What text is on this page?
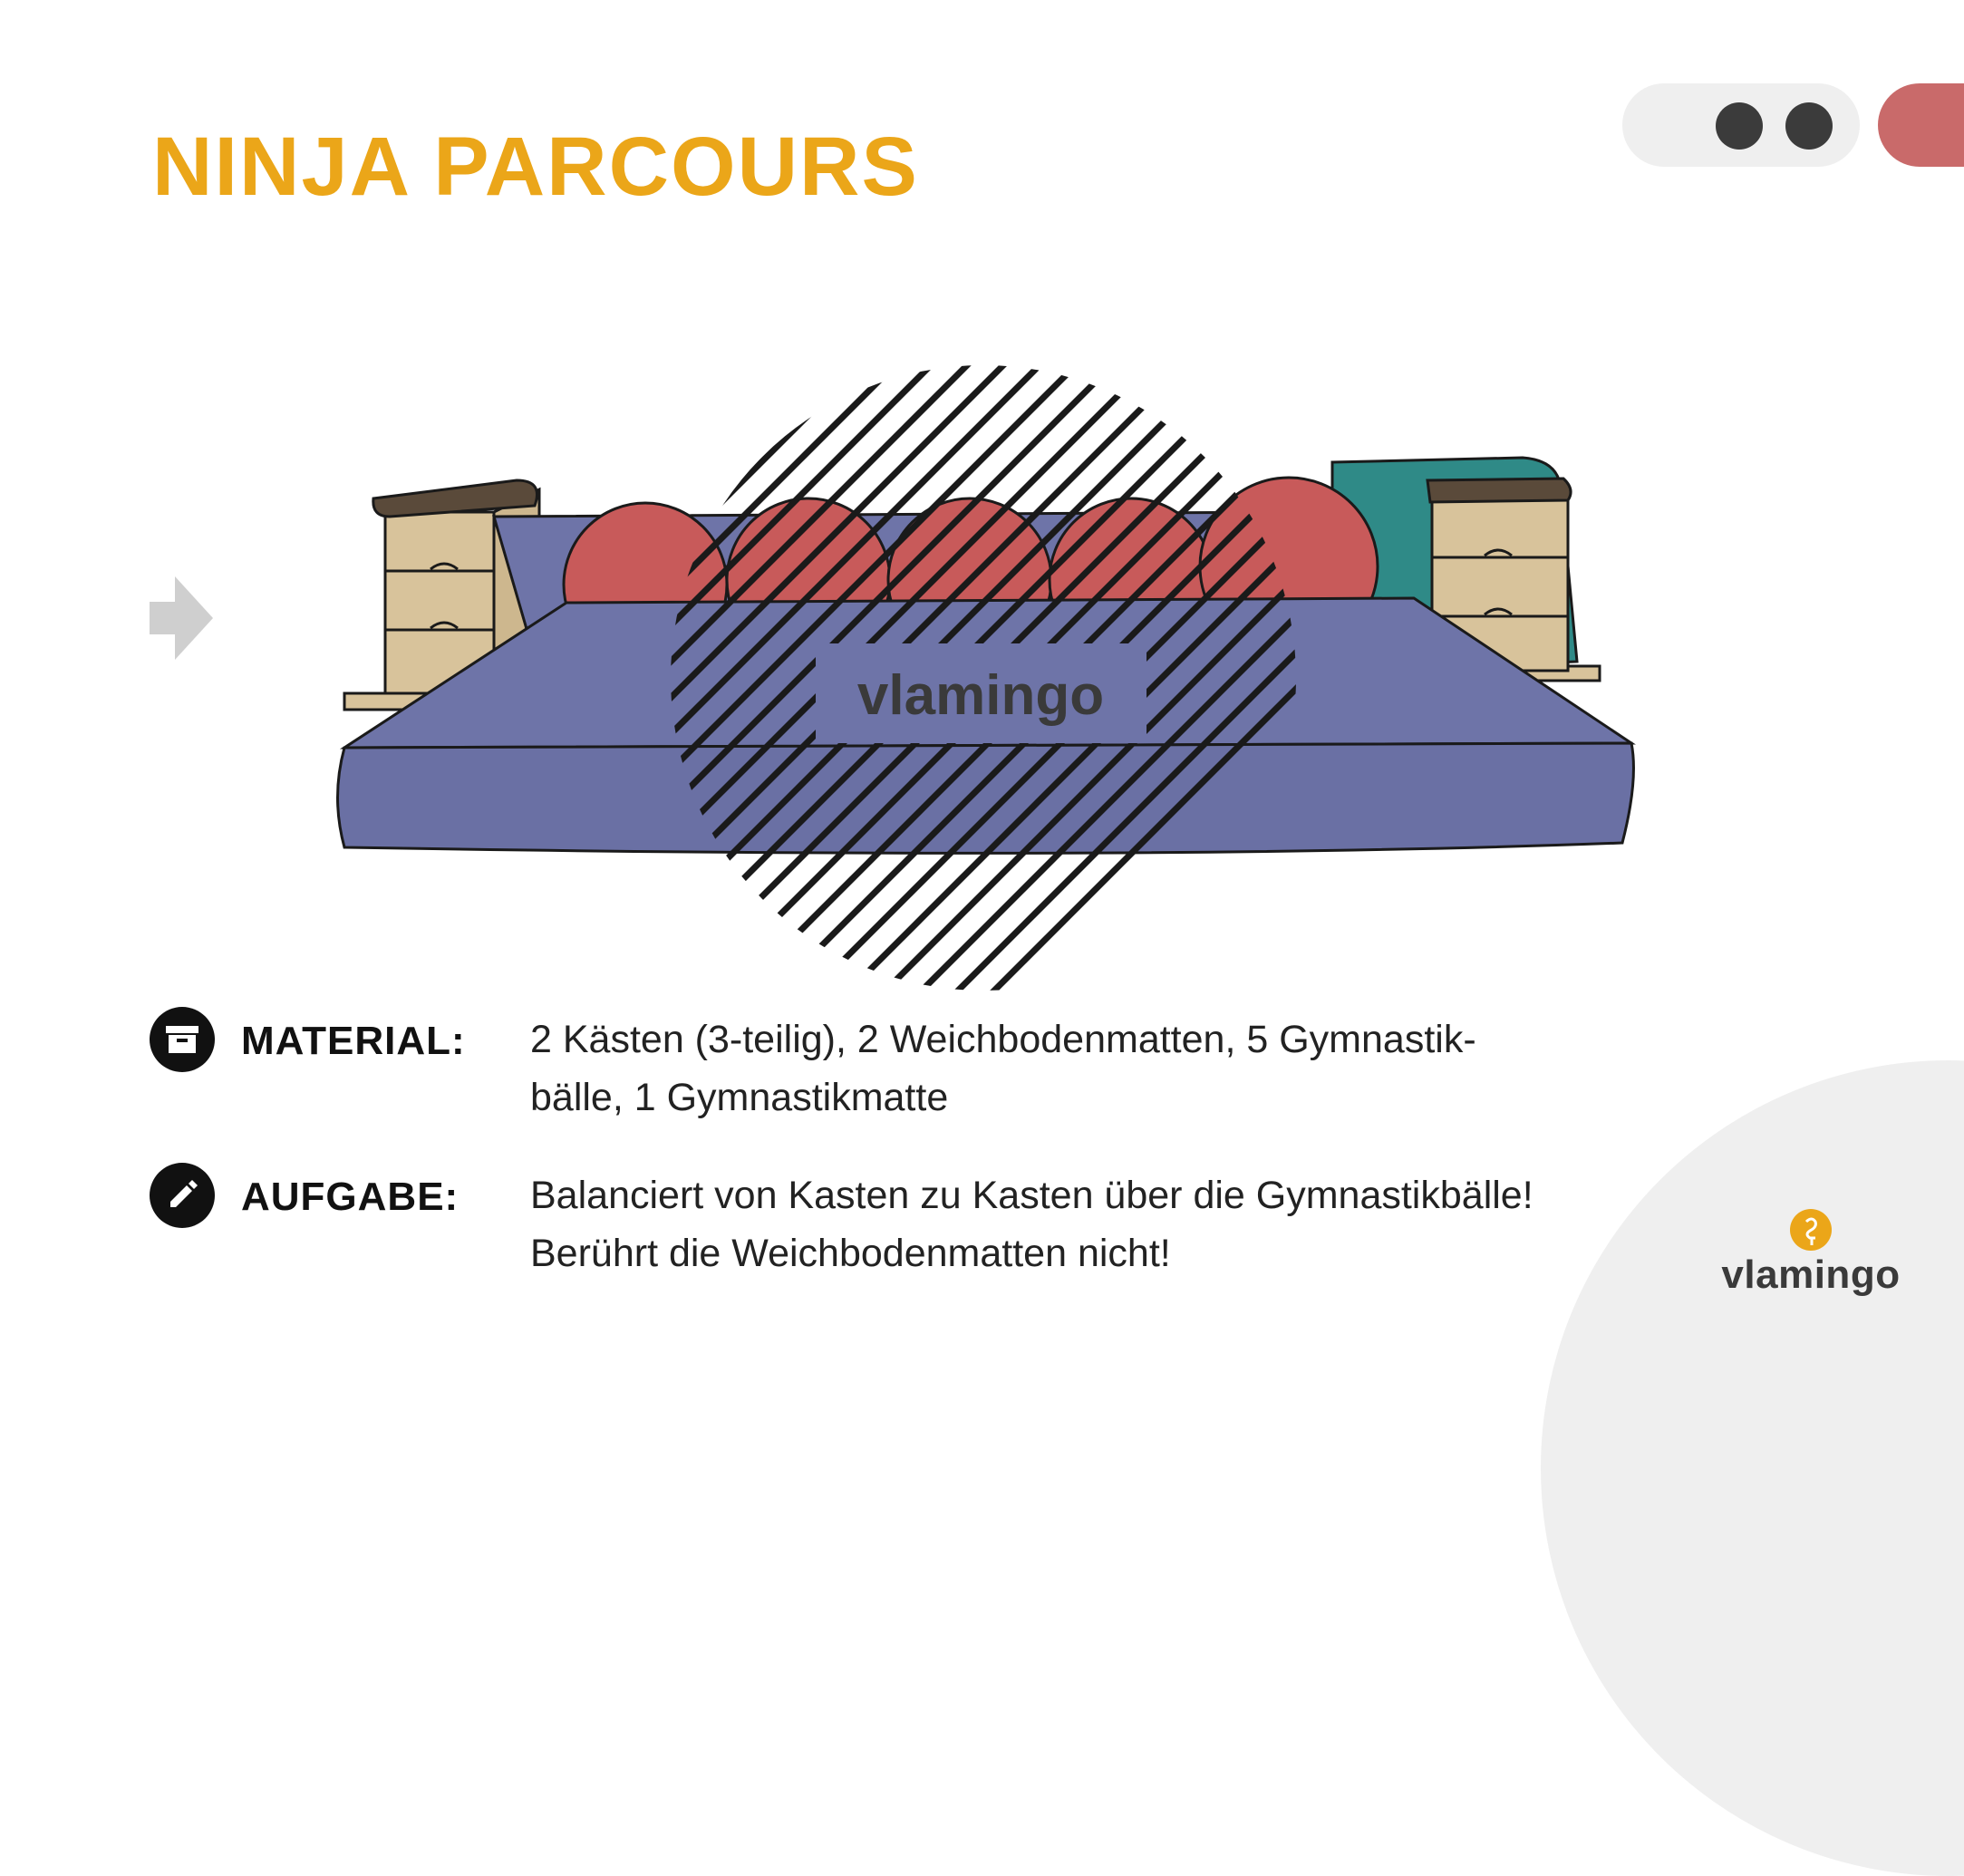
NINJA PARCOURS
vlamingo
MATERIAL: 2 Kästen (3-teilig), 2 Weichbodenmatten, 5 Gymnastik-
bälle, 1 Gymnastikmatte
AUFGABE: Balanciert von Kasten zu Kasten über die Gymnastikbälle!
Berührt die Weichbodenmatten nicht!	vlamingo
